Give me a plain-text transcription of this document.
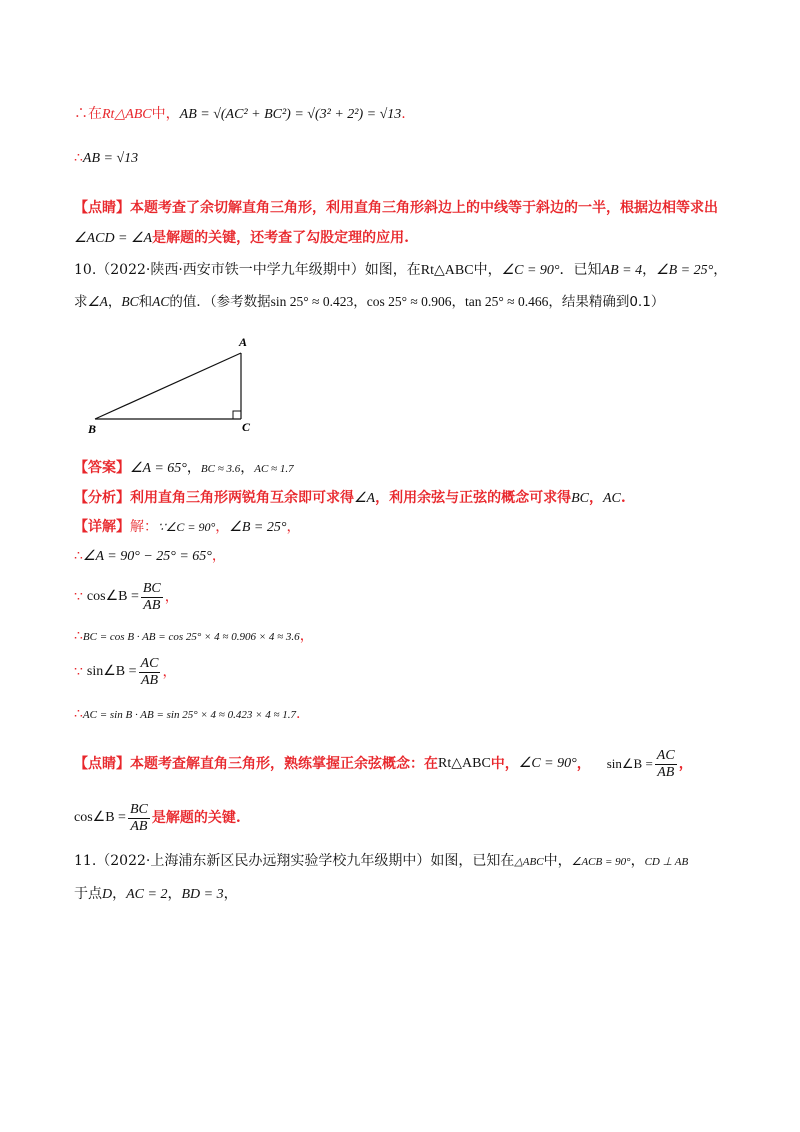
∴在Rt△ABC中，AB = √(AC² + BC²) = √(3² + 2²) = √13.
∴AB = √13
【点睛】本题考查了余切解直角三角形，利用直角三角形斜边上的中线等于斜边的一半，根据边相等求出
∠ACD = ∠A是解题的关键，还考查了勾股定理的应用.
10.（2022·陕西·西安市铁一中学九年级期中）如图，在Rt△ABC中，∠C = 90°．已知AB = 4，∠B = 25°，
求∠A，BC和AC的值．（参考数据sin 25° ≈ 0.423，cos 25° ≈ 0.906，tan 25° ≈ 0.466，结果精确到0.1）
A
B	C
【答案】∠A = 65°，BC ≈ 3.6，AC ≈ 1.7
【分析】利用直角三角形两锐角互余即可求得∠A，利用余弦与正弦的概念可求得BC，AC.
【详解】解：∵∠C = 90°，∠B = 25°，
∴∠A = 90° − 25° = 65°，
∵ cos∠B = $\frac{BC}{AB}$ ，
∴BC = cos B · AB = cos 25° × 4 ≈ 0.906 × 4 ≈ 3.6，
∵ sin∠B = $\frac{AC}{AB}$ ，
∴AC = sin B · AB = sin 25° × 4 ≈ 0.423 × 4 ≈ 1.7.
【点睛】 本题考查解直角三角形，熟练掌握正余弦概念：在 Rt△ABC 中， ∠C = 90° ， sin∠B = $\frac{AC}{AB}$ ，
cos∠B = $\frac{BC}{AB}$ 是解题的关键.
11.（2022·上海浦东新区民办远翔实验学校九年级期中）如图，已知在△ABC中，∠ACB = 90°，CD ⊥ AB
于点D，AC = 2，BD = 3，
